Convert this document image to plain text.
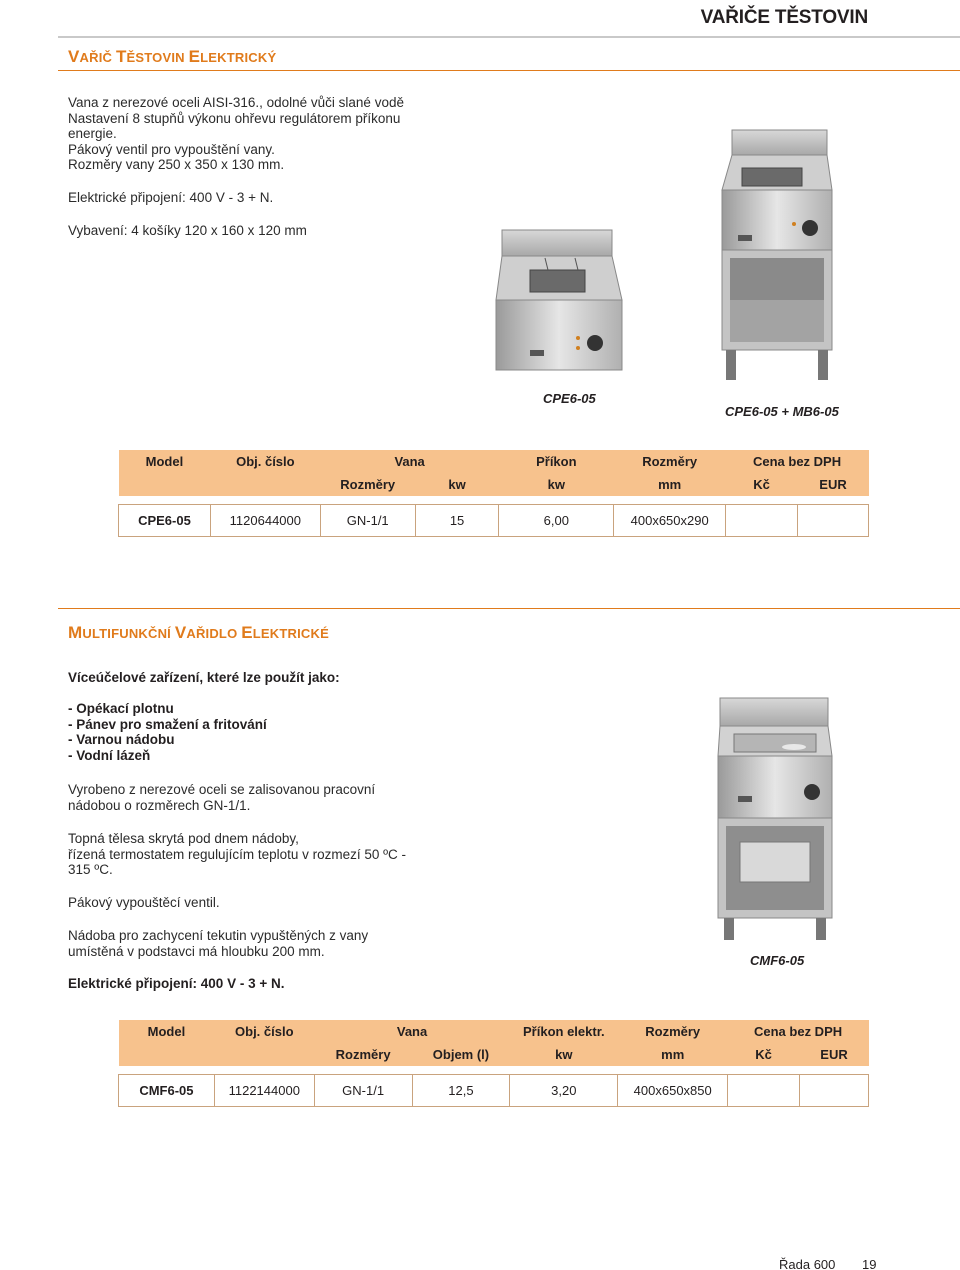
VAŘIČE TĚSTOVIN
VAŘIČ TĚSTOVIN ELEKTRICKÝ
Vana z nerezové oceli AISI-316., odolné vůči slané vodě
Nastavení 8 stupňů výkonu ohřevu regulátorem příkonu
energie.
Pákový ventil pro vypouštění vany.
Rozměry vany 250 x 350 x 130 mm.
Elektrické připojení: 400 V - 3 + N.
Vybavení: 4 košíky 120 x 160 x 120 mm
CPE6-05
CPE6-05 + MB6-05
Model	Obj. číslo	Vana		Příkon	Rozměry	Cena bez DPH	
		Rozměry	kw	kw	mm	Kč	EUR

CPE6-05	1120644000	GN-1/1	15	6,00	400x650x290		
MULTIFUNKČNÍ VAŘIDLO ELEKTRICKÉ
Víceúčelové zařízení, které lze použít jako:
- Opékací plotnu
- Pánev pro smažení a fritování
- Varnou nádobu
- Vodní lázeň
Vyrobeno z nerezové oceli se zalisovanou pracovní
nádobou o rozměrech GN-1/1.
Topná tělesa skrytá pod dnem nádoby,
řízená termostatem regulujícím teplotu v rozmezí 50 ºC -
315 ºC.
Pákový vypouštěcí ventil.
Nádoba pro zachycení tekutin vypuštěných z vany
umístěná v podstavci má hloubku 200 mm.
Elektrické připojení: 400 V - 3 + N.
CMF6-05
Model	Obj. číslo	Vana		Příkon elektr.	Rozměry	Cena bez DPH	
		Rozměry	Objem (l)	kw	mm	Kč	EUR

CMF6-05	1122144000	GN-1/1	12,5	3,20	400x650x850		
Řada 600 19
